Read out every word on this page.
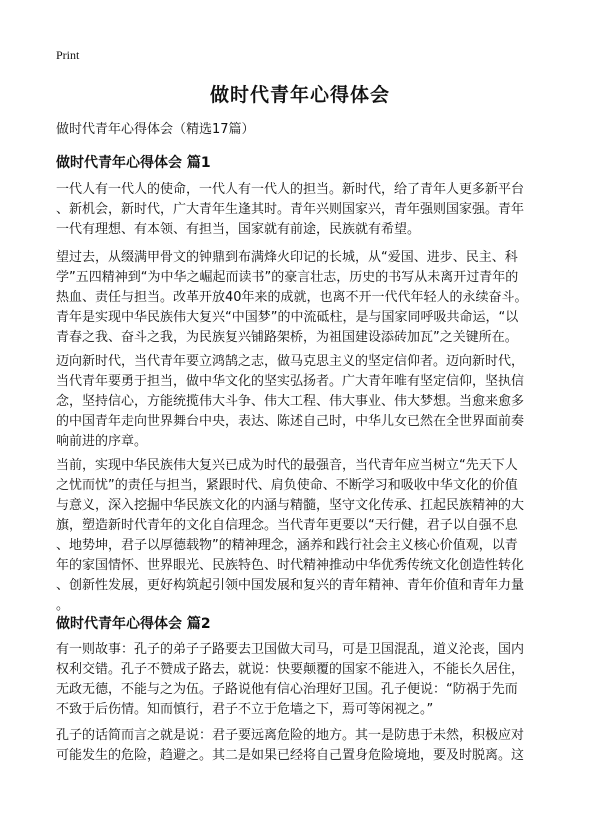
Print
做时代青年心得体会
做时代青年心得体会（精选17篇）
做时代青年心得体会 篇1

一代人有一代人的使命，一代人有一代人的担当。新时代，给了青年人更多新平台
、新机会，新时代，广大青年生逢其时。青年兴则国家兴，青年强则国家强。青年
一代有理想、有本领、有担当，国家就有前途，民族就有希望。

望过去，从缀满甲骨文的钟鼎到布满烽火印记的长城，从“爱国、进步、民主、科
学”五四精神到“为中华之崛起而读书”的豪言壮志，历史的书写从未离开过青年的
热血、责任与担当。改革开放40年来的成就，也离不开一代代年轻人的永续奋斗。
青年是实现中华民族伟大复兴“中国梦”的中流砥柱，是与国家同呼吸共命运，“以
青春之我、奋斗之我，为民族复兴铺路架桥，为祖国建设添砖加瓦”之关键所在。

迈向新时代，当代青年要立鸿鹄之志，做马克思主义的坚定信仰者。迈向新时代，
当代青年要勇于担当，做中华文化的坚实弘扬者。广大青年唯有坚定信仰，坚执信
念，坚持信心，方能统揽伟大斗争、伟大工程、伟大事业、伟大梦想。当愈来愈多
的中国青年走向世界舞台中央，表达、陈述自己时，中华儿女已然在全世界面前奏
响前进的序章。

当前，实现中华民族伟大复兴已成为时代的最强音，当代青年应当树立“先天下人
之忧而忧”的责任与担当，紧跟时代、肩负使命、不断学习和吸收中华文化的价值
与意义，深入挖掘中华民族文化的内涵与精髓，坚守文化传承、扛起民族精神的大
旗，塑造新时代青年的文化自信理念。当代青年更要以“天行健，君子以自强不息
、地势坤，君子以厚德载物”的精神理念，涵养和践行社会主义核心价值观，以青
年的家国情怀、世界眼光、民族特色、时代精神推动中华优秀传统文化创造性转化
、创新性发展，更好构筑起引领中国发展和复兴的青年精神、青年价值和青年力量
。

做时代青年心得体会 篇2

有一则故事：孔子的弟子子路要去卫国做大司马，可是卫国混乱，道义沦丧，国内
权利交错。孔子不赞成子路去，就说：快要颠覆的国家不能进入，不能长久居住，
无政无德，不能与之为伍。子路说他有信心治理好卫国。孔子便说：“防祸于先而
不致于后伤情。知而慎行，君子不立于危墙之下，焉可等闲视之。”

孔子的话简而言之就是说：君子要远离危险的地方。其一是防患于未然，积极应对
可能发生的危险，趋避之。其二是如果已经将自己置身危险境地，要及时脱离。这
